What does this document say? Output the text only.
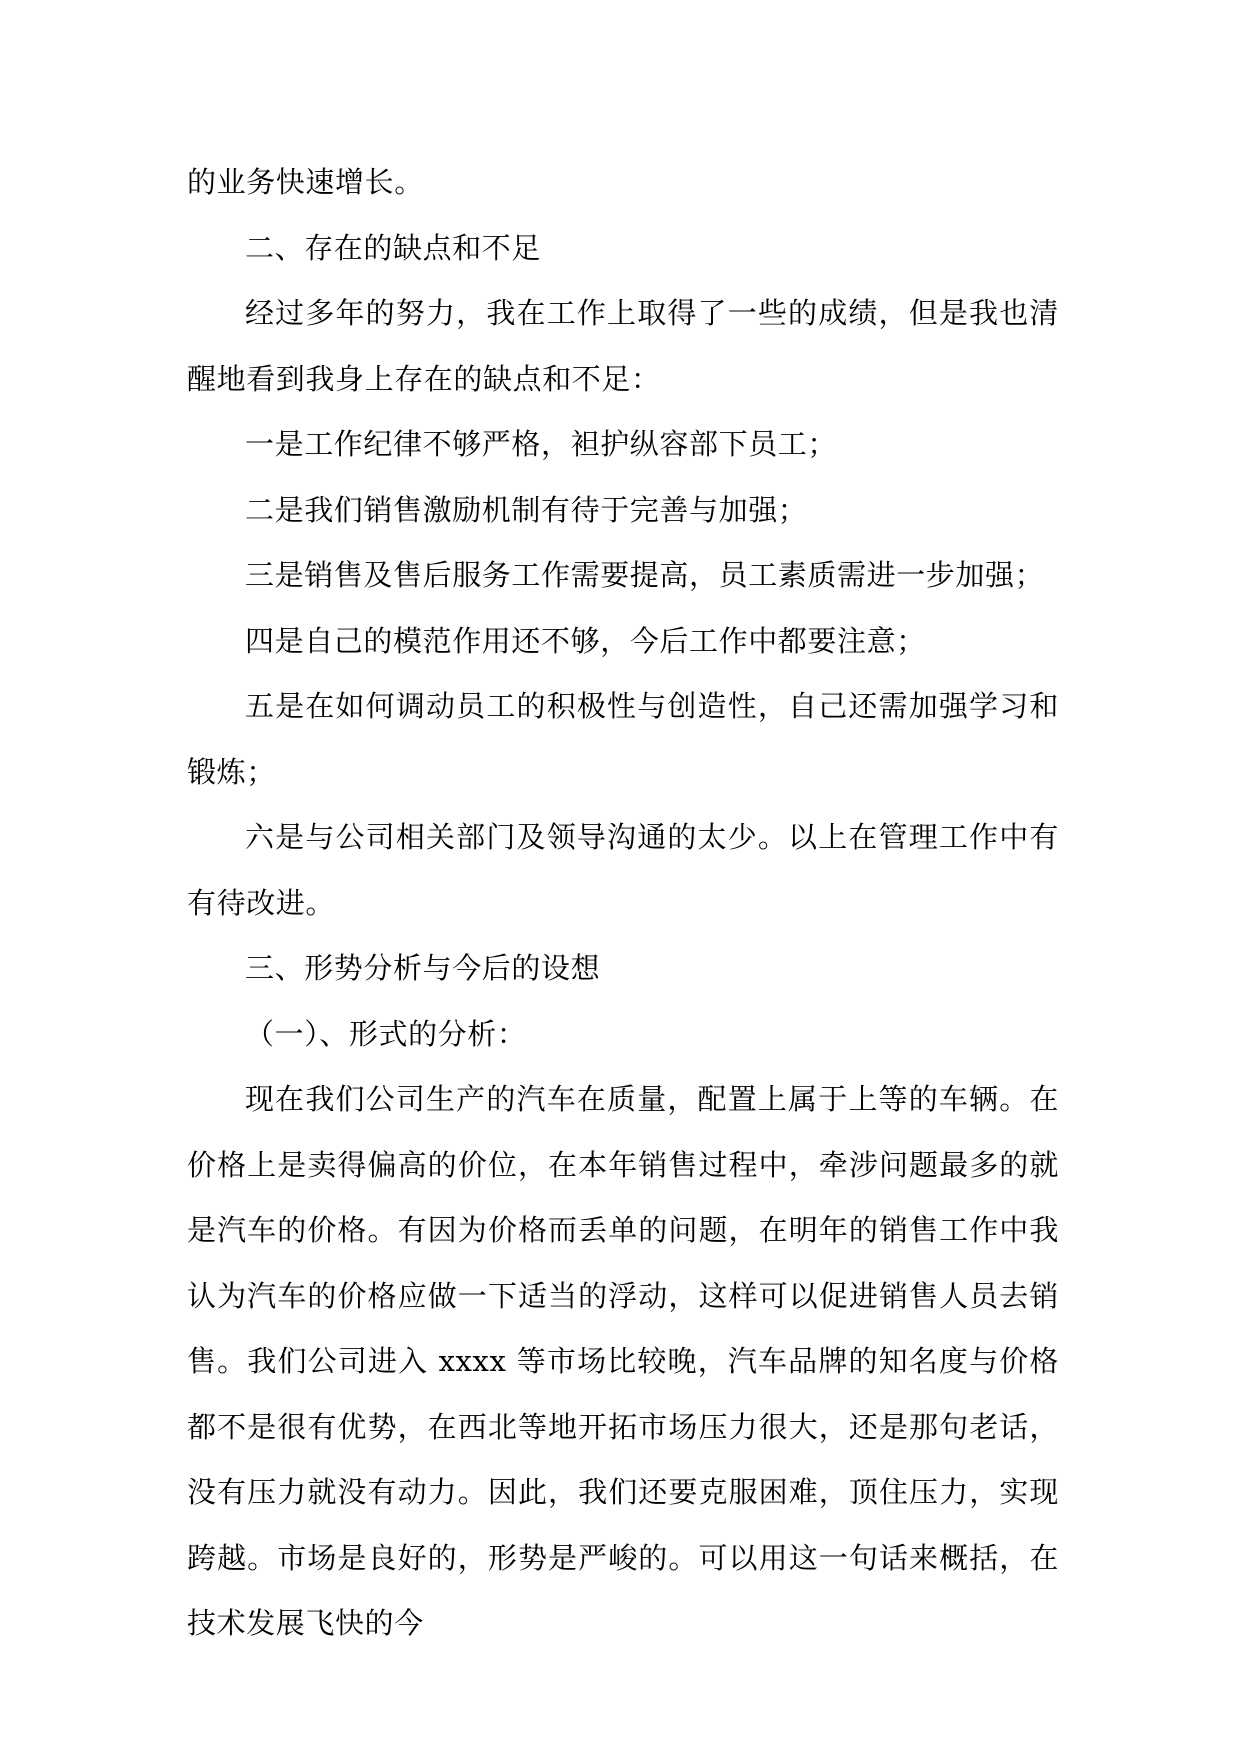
的业务快速增长。

二、存在的缺点和不足

经过多年的努力，我在工作上取得了一些的成绩，但是我也清醒地看到我身上存在的缺点和不足：

一是工作纪律不够严格，袒护纵容部下员工；

二是我们销售激励机制有待于完善与加强；

三是销售及售后服务工作需要提高，员工素质需进一步加强；

四是自己的模范作用还不够，今后工作中都要注意；

五是在如何调动员工的积极性与创造性，自己还需加强学习和锻炼；

六是与公司相关部门及领导沟通的太少。以上在管理工作中有有待改进。

三、形势分析与今后的设想

（一）、形式的分析：

现在我们公司生产的汽车在质量，配置上属于上等的车辆。在价格上是卖得偏高的价位，在本年销售过程中，牵涉问题最多的就是汽车的价格。有因为价格而丢单的问题，在明年的销售工作中我认为汽车的价格应做一下适当的浮动，这样可以促进销售人员去销售。我们公司进入 xxxx 等市场比较晚，汽车品牌的知名度与价格都不是很有优势，在西北等地开拓市场压力很大，还是那句老话，没有压力就没有动力。因此，我们还要克服困难，顶住压力，实现跨越。市场是良好的，形势是严峻的。可以用这一句话来概括，在技术发展飞快的今
